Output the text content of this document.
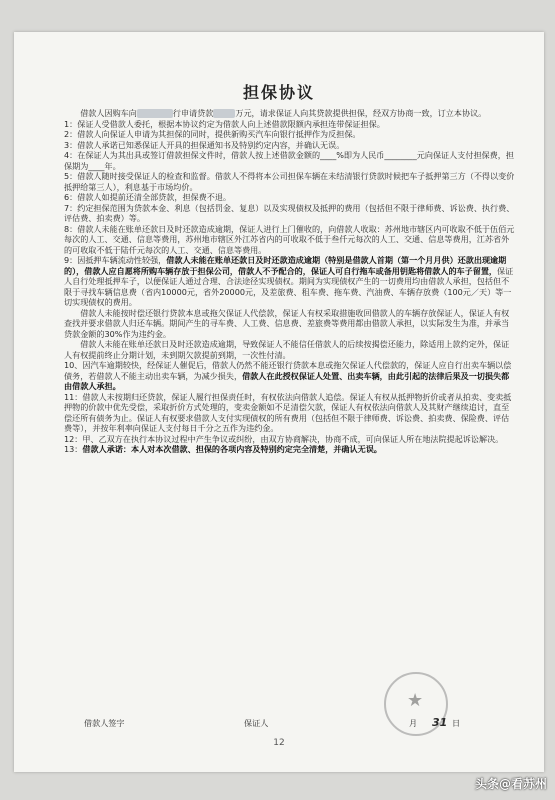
担保协议

借款人因购车向	行申请贷款	万元，请求保证人向其贷款提供担保，经双方协商一致，订立本协议。

1：保证人受借款人委托，根据本协议约定为借款人向上述借款限额内承担连带保证担保。

2：借款人向保证人申请为其担保的同时，提供新购买汽车向银行抵押作为反担保。

3：借款人承诺已知悉保证人开具的担保通知书及特别约定内容，并确认无误。

4：在保证人为其出具或签订借款担保文件时，借款人按上述借款金额的____%即为人民币________元向保证人支付担保费，担保期为____年。

5：借款人随时接受保证人的检查和监督。借款人不得将本公司担保车辆在未结清银行贷款时候把车子抵押第三方（不得以变价抵押给第三人），利息基于市场均价。

6：借款人如提前还清全部贷款，担保费不退。

7：约定担保范围为贷款本金、利息（包括罚金、复息）以及实现债权及抵押的费用（包括但不限于律师费、诉讼费、执行费、评估费、拍卖费）等。

8：借款人未能在账单还款日及时还款造成逾期，保证人进行上门催收的，向借款人收取：苏州地市辖区内可收取不低于伍佰元每次的人工、交通、信息等费用，苏州地市辖区外江苏省内的可收取不低于叁仟元每次的人工、交通、信息等费用，江苏省外的可收取不低于陆仟元每次的人工、交通、信息等费用。

9：因抵押车辆流动性较强，借款人未能在账单还款日及时还款造成逾期（特别是借款人首期（第一个月月供）还款出现逾期的），借款人应自愿将所购车辆存放于担保公司，借款人不予配合的，保证人可自行拖车或备用钥匙将借款人的车子留置，保证人自行处理抵押车子，以便保证人通过合理、合法途径实现债权。期间为实现债权产生的一切费用均由借款人承担，包括但不限于寻找车辆信息费（省内10000元，省外20000元，及差旅费、租车费、拖车费、汽油费、车辆存放费（100元／天）等一切实现债权的费用。

借款人未能按时偿还银行贷款本息或拖欠保证人代偿款，保证人有权采取措施收回借款人的车辆存放保证人，保证人有权查找并要求借款人归还车辆。期间产生的寻车费、人工费、信息费、差旅费等费用都由借款人承担，以实际发生为准，并承当贷款金额的30%作为违约金。

借款人未能在账单还款日及时还款造成逾期，导致保证人不能信任借款人的后续按揭偿还能力，除适用上款约定外，保证人有权提前终止分期计划，未到期欠款提前到期，一次性付清。

10、因汽车逾期较快，经保证人催促后，借款人仍然不能还银行贷款本息或拖欠保证人代偿款的，保证人应自行出卖车辆以偿债务，若借款人不能主动出卖车辆，为减少损失，借款人在此授权保证人处置、出卖车辆，由此引起的法律后果及一切损失都由借款人承担。

11：借款人未按期归还贷款，保证人履行担保责任时，有权依法向借款人追偿。保证人有权从抵押物折价或者从拍卖、变卖抵押物的价款中优先受偿，采取折价方式处理的，变卖金额如不足清偿欠款，保证人有权依法向借款人及其财产继续追讨，直至偿还所有债务为止。保证人有权要求借款人支付实现债权的所有费用（包括但不限于律师费、诉讼费、拍卖费、保险费、评估费等），并按年利率向保证人支付每日千分之五作为违约金。

12：甲、乙双方在执行本协议过程中产生争议或纠纷，由双方协商解决，协商不成，可向保证人所在地法院提起诉讼解决。

13：借款人承诺：本人对本次借款、担保的各项内容及特别约定完全清楚，并确认无误。

★
借款人签字	保证人	月 31 日
12
头条@看苏州
